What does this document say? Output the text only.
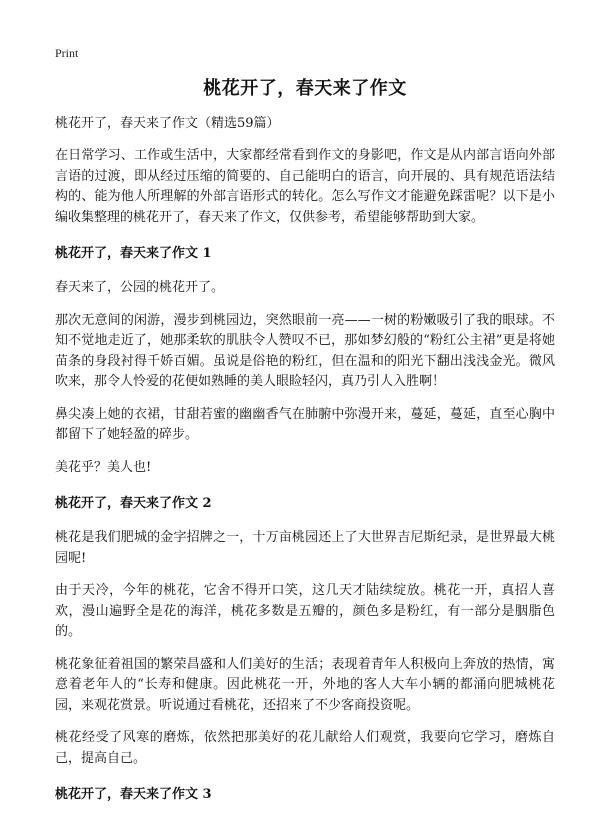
Print
桃花开了，春天来了作文
桃花开了，春天来了作文（精选59篇）
在日常学习、工作或生活中，大家都经常看到作文的身影吧，作文是从内部言语向外部言语的过渡，即从经过压缩的简要的、自己能明白的语言，向开展的、具有规范语法结构的、能为他人所理解的外部言语形式的转化。怎么写作文才能避免踩雷呢？以下是小编收集整理的桃花开了，春天来了作文，仅供参考，希望能够帮助到大家。
桃花开了，春天来了作文 1
春天来了，公园的桃花开了。
那次无意间的闲游，漫步到桃园边，突然眼前一亮——一树的粉嫩吸引了我的眼球。不知不觉地走近了，她那柔软的肌肤令人赞叹不已，那如梦幻般的“粉红公主裙”更是将她苗条的身段衬得千娇百媚。虽说是俗艳的粉红，但在温和的阳光下翻出浅浅金光。微风吹来，那令人怜爱的花便如熟睡的美人眼睑轻闪，真乃引人入胜啊！
鼻尖凑上她的衣裙，甘甜若蜜的幽幽香气在肺腑中弥漫开来，蔓延，蔓延，直至心胸中都留下了她轻盈的碎步。
美花乎？美人也!
桃花开了，春天来了作文 2
桃花是我们肥城的金字招牌之一，十万亩桃园还上了大世界吉尼斯纪录，是世界最大桃园呢!
由于天冷，今年的桃花，它舍不得开口笑，这几天才陆续绽放。桃花一开，真招人喜欢，漫山遍野全是花的海洋，桃花多数是五瓣的，颜色多是粉红，有一部分是胭脂色的。
桃花象征着祖国的繁荣昌盛和人们美好的生活；表现着青年人积极向上奔放的热情，寓意着老年人的“长寿和健康。因此桃花一开，外地的客人大车小辆的都涌向肥城桃花园，来观花赏景。听说通过看桃花，还招来了不少客商投资呢。
桃花经受了风寒的磨炼，依然把那美好的花儿献给人们观赏，我要向它学习，磨炼自己，提高自己。
桃花开了，春天来了作文 3
